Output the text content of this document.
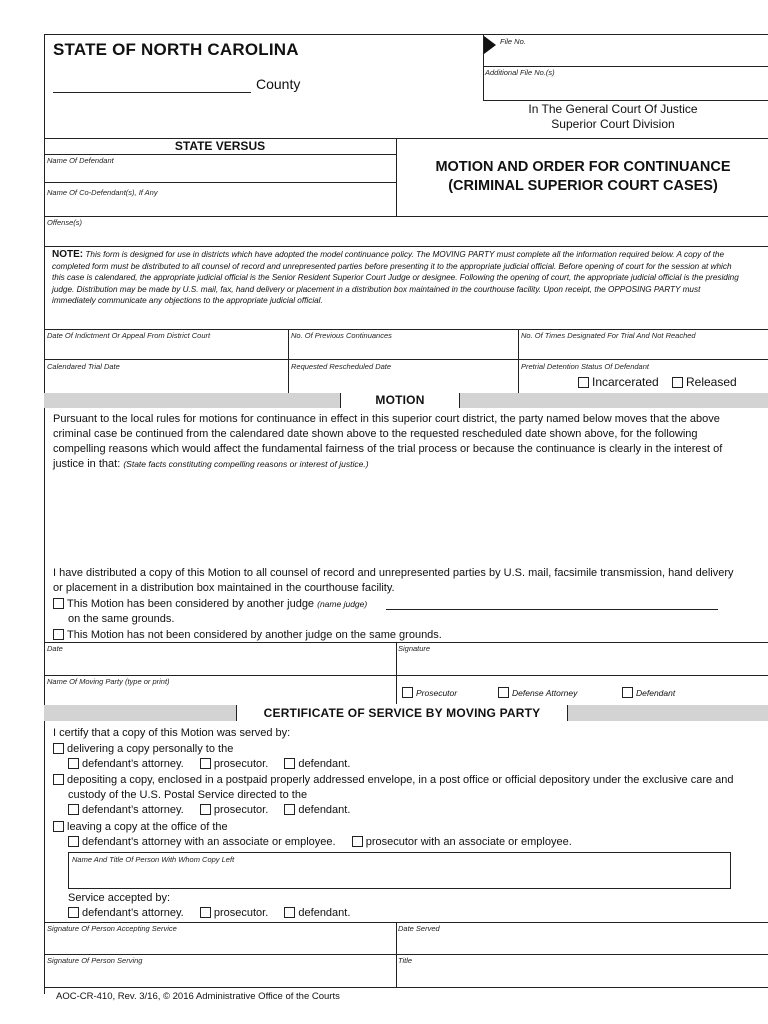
STATE OF NORTH CAROLINA
County
File No.
Additional File No.(s)
In The General Court Of Justice
Superior Court Division
STATE VERSUS
Name Of Defendant
Name Of Co-Defendant(s), If Any
MOTION AND ORDER FOR CONTINUANCE
(CRIMINAL SUPERIOR COURT CASES)
Offense(s)
NOTE: This form is designed for use in districts which have adopted the model continuance policy. The MOVING PARTY must complete all the information required below. A copy of the completed form must be distributed to all counsel of record and unrepresented parties before presenting it to the appropriate judicial official. Before opening of court for the session at which this case is calendared, the appropriate judicial official is the Senior Resident Superior Court Judge or designee. Following the opening of court, the appropriate judicial official is the presiding judge. Distribution may be made by U.S. mail, fax, hand delivery or placement in a distribution box maintained in the courthouse facility. Upon receipt, the OPPOSING PARTY must immediately communicate any objections to the appropriate judicial official.
Date Of Indictment Or Appeal From District Court	No. Of Previous Continuances	No. Of Times Designated For Trial And Not Reached
Calendared Trial Date	Requested Rescheduled Date	Pretrial Detention Status Of Defendant
Incarcerated	Released
MOTION
Pursuant to the local rules for motions for continuance in effect in this superior court district, the party named below moves that the above criminal case be continued from the calendared date shown above to the requested rescheduled date shown above, for the following compelling reasons which would affect the fundamental fairness of the trial process or because the continuance is clearly in the interest of justice in that: (State facts constituting compelling reasons or interest of justice.)
I have distributed a copy of this Motion to all counsel of record and unrepresented parties by U.S. mail, facsimile transmission, hand delivery or placement in a distribution box maintained in the courthouse facility.
This Motion has been considered by another judge (name judge)
on the same grounds.
This Motion has not been considered by another judge on the same grounds.
Date	Signature
Name Of Moving Party (type or print)
Prosecutor	Defense Attorney	Defendant
CERTIFICATE OF SERVICE BY MOVING PARTY
I certify that a copy of this Motion was served by:
delivering a copy personally to the
defendant’s attorney.	prosecutor.	defendant.
depositing a copy, enclosed in a postpaid properly addressed envelope, in a post office or official depository under the exclusive care and custody of the U.S. Postal Service directed to the
defendant’s attorney.	prosecutor.	defendant.
leaving a copy at the office of the
defendant’s attorney with an associate or employee.	prosecutor with an associate or employee.
Name And Title Of Person With Whom Copy Left
Service accepted by:
defendant’s attorney.	prosecutor.	defendant.
Signature Of Person Accepting Service	Date Served
Signature Of Person Serving	Title
AOC-CR-410, Rev. 3/16, © 2016 Administrative Office of the Courts
